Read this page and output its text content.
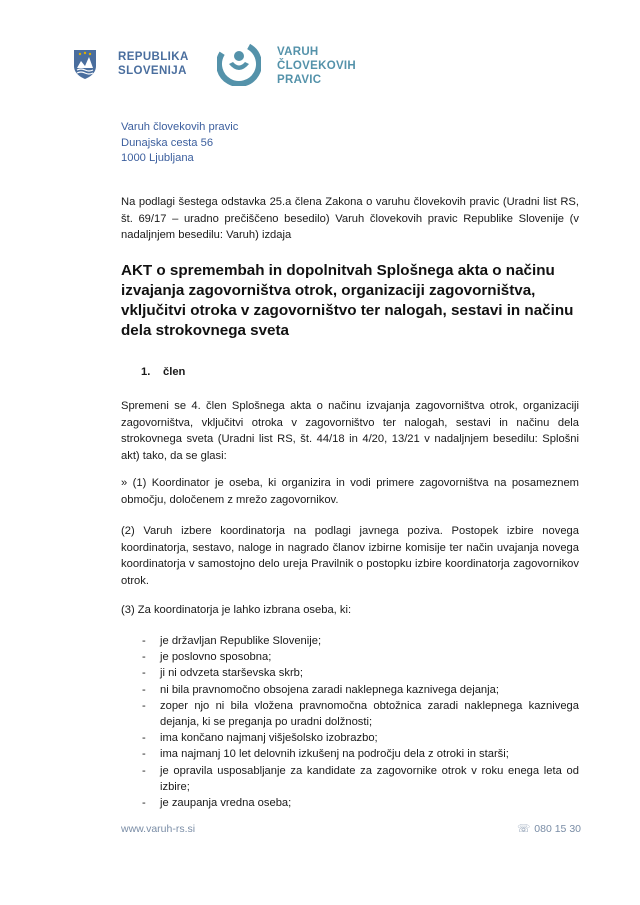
REPUBLIKA
SLOVENIJA
VARUH
ČLOVEKOVIH
PRAVIC
Varuh človekovih pravic
Dunajska cesta 56
1000 Ljubljana
Na podlagi šestega odstavka 25.a člena Zakona o varuhu človekovih pravic (Uradni list RS, št. 69/17 – uradno prečiščeno besedilo) Varuh človekovih pravic Republike Slovenije (v nadaljnjem besedilu: Varuh) izdaja
AKT o spremembah in dopolnitvah Splošnega akta o načinu izvajanja zagovorništva otrok, organizaciji zagovorništva, vključitvi otroka v zagovorništvo ter nalogah, sestavi in načinu dela strokovnega sveta
1. člen
Spremeni se 4. člen Splošnega akta o načinu izvajanja zagovorništva otrok, organizaciji zagovorništva, vključitvi otroka v zagovorništvo ter nalogah, sestavi in načinu dela strokovnega sveta (Uradni list RS, št. 44/18 in 4/20, 13/21 v nadaljnjem besedilu: Splošni akt) tako, da se glasi:
» (1) Koordinator je oseba, ki organizira in vodi primere zagovorništva na posameznem območju, določenem z mrežo zagovornikov.
(2) Varuh izbere koordinatorja na podlagi javnega poziva. Postopek izbire novega koordinatorja, sestavo, naloge in nagrado članov izbirne komisije ter način uvajanja novega koordinatorja v samostojno delo ureja Pravilnik o postopku izbire koordinatorja zagovornikov otrok.
(3) Za koordinatorja je lahko izbrana oseba, ki:
- je državljan Republike Slovenije;
- je poslovno sposobna;
- ji ni odvzeta starševska skrb;
- ni bila pravnomočno obsojena zaradi naklepnega kaznivega dejanja;
- zoper njo ni bila vložena pravnomočna obtožnica zaradi naklepnega kaznivega dejanja, ki se preganja po uradni dolžnosti;
- ima končano najmanj višješolsko izobrazbo;
- ima najmanj 10 let delovnih izkušenj na področju dela z otroki in starši;
- je opravila usposabljanje za kandidate za zagovornike otrok v roku enega leta od izbire;
- je zaupanja vredna oseba;
www.varuh-rs.si	☏ 080 15 30
